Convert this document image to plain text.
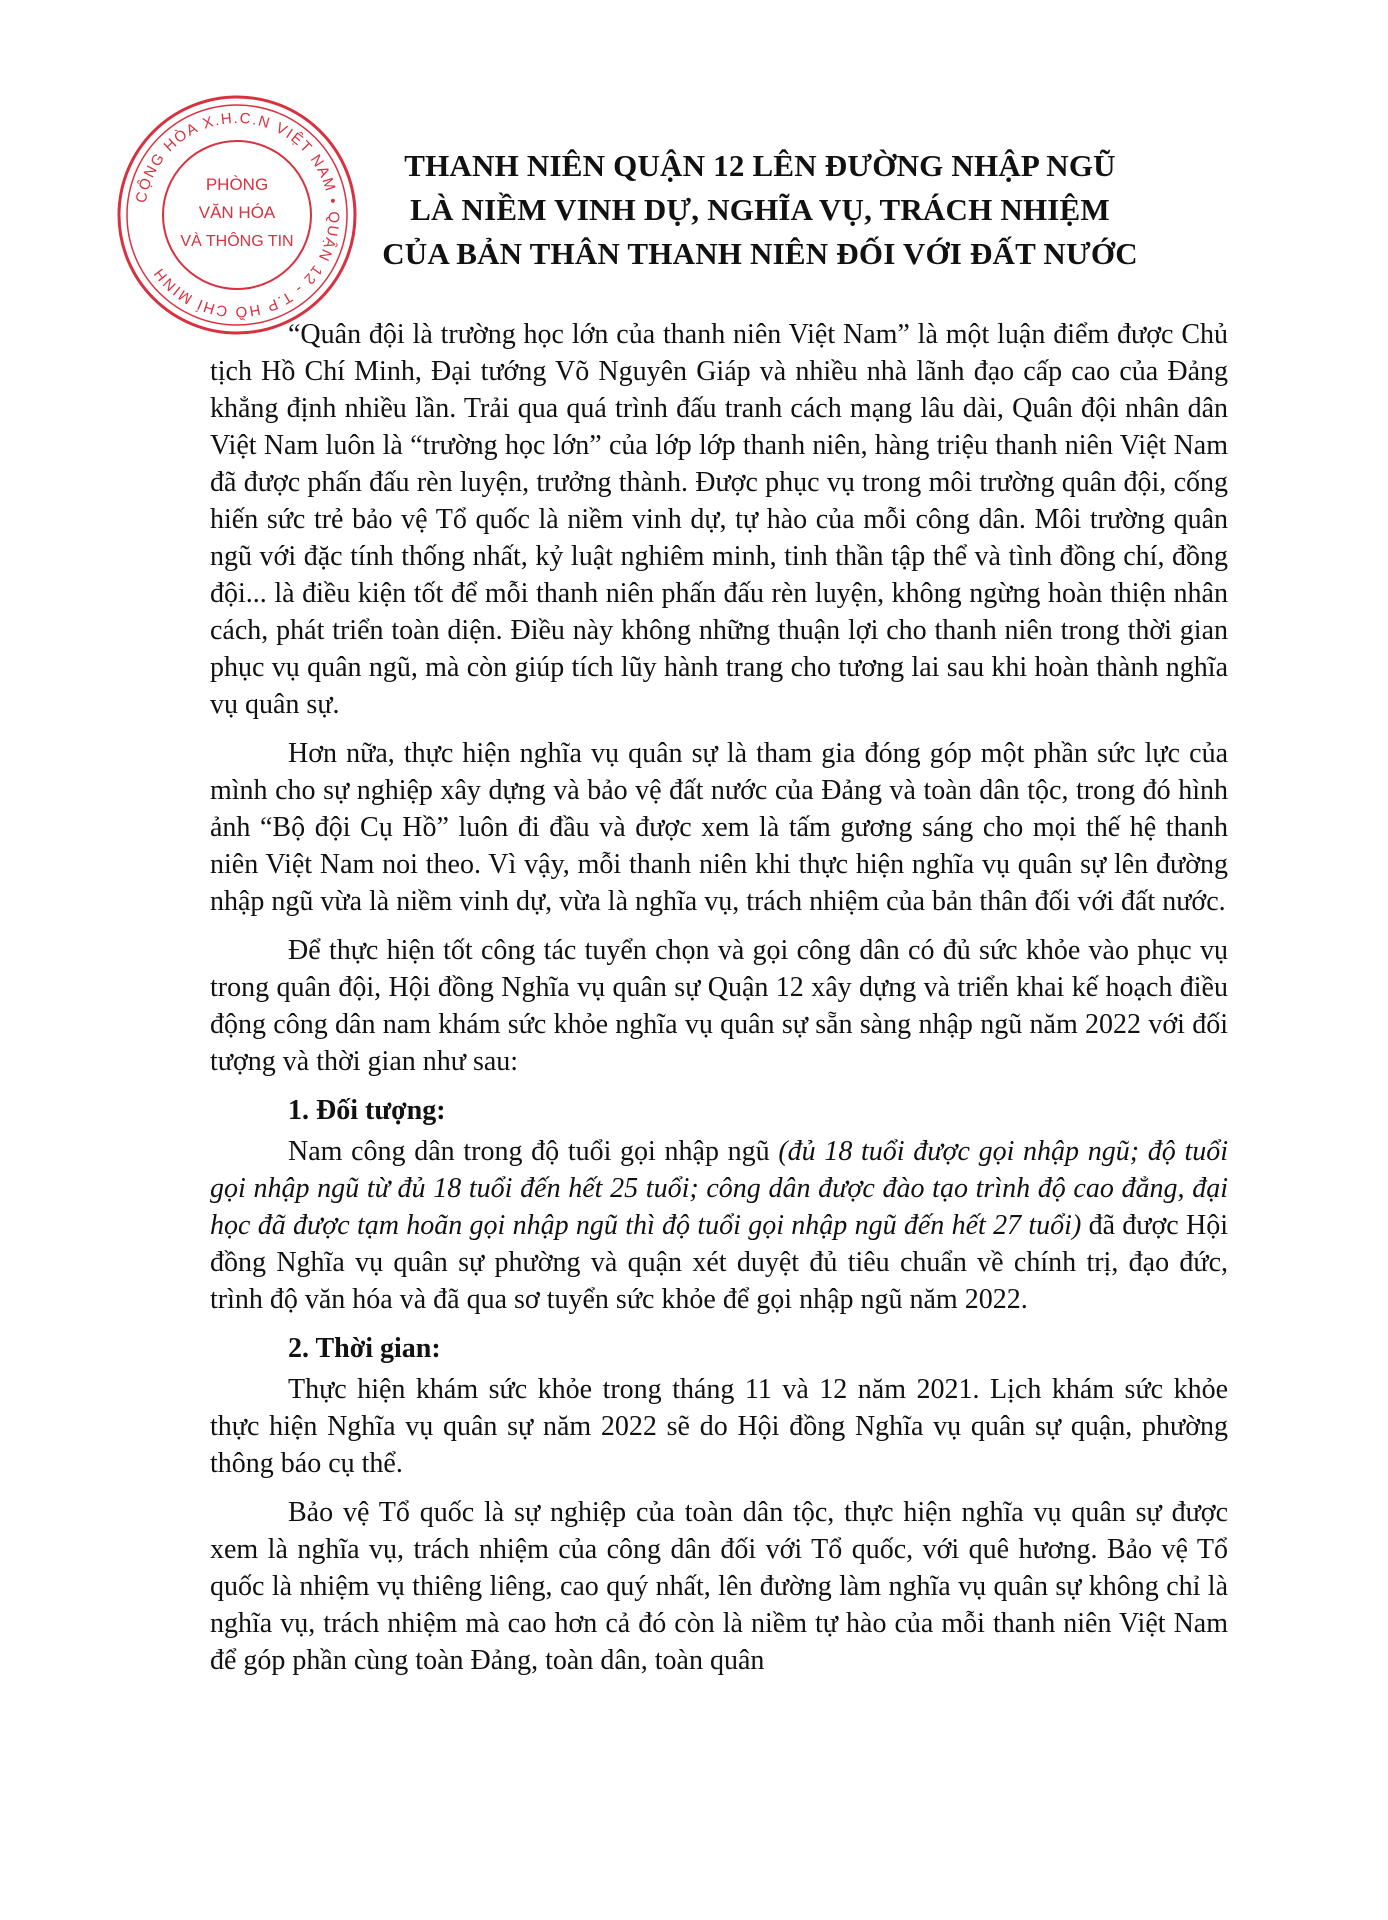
CỘNG HÒA X.H.C.N VIỆT NAM • QUẬN 12 - T.P HỒ CHÍ MINH
PHÒNG
VĂN HÓA
VÀ THÔNG TIN
THANH NIÊN QUẬN 12 LÊN ĐƯỜNG NHẬP NGŨ
LÀ NIỀM VINH DỰ, NGHĨA VỤ, TRÁCH NHIỆM
CỦA BẢN THÂN THANH NIÊN ĐỐI VỚI ĐẤT NƯỚC

“Quân đội là trường học lớn của thanh niên Việt Nam” là một luận điểm được Chủ tịch Hồ Chí Minh, Đại tướng Võ Nguyên Giáp và nhiều nhà lãnh đạo cấp cao của Đảng khẳng định nhiều lần. Trải qua quá trình đấu tranh cách mạng lâu dài, Quân đội nhân dân Việt Nam luôn là “trường học lớn” của lớp lớp thanh niên, hàng triệu thanh niên Việt Nam đã được phấn đấu rèn luyện, trưởng thành. Được phục vụ trong môi trường quân đội, cống hiến sức trẻ bảo vệ Tổ quốc là niềm vinh dự, tự hào của mỗi công dân. Môi trường quân ngũ với đặc tính thống nhất, kỷ luật nghiêm minh, tinh thần tập thể và tình đồng chí, đồng đội... là điều kiện tốt để mỗi thanh niên phấn đấu rèn luyện, không ngừng hoàn thiện nhân cách, phát triển toàn diện. Điều này không những thuận lợi cho thanh niên trong thời gian phục vụ quân ngũ, mà còn giúp tích lũy hành trang cho tương lai sau khi hoàn thành nghĩa vụ quân sự.

Hơn nữa, thực hiện nghĩa vụ quân sự là tham gia đóng góp một phần sức lực của mình cho sự nghiệp xây dựng và bảo vệ đất nước của Đảng và toàn dân tộc, trong đó hình ảnh “Bộ đội Cụ Hồ” luôn đi đầu và được xem là tấm gương sáng cho mọi thế hệ thanh niên Việt Nam noi theo. Vì vậy, mỗi thanh niên khi thực hiện nghĩa vụ quân sự lên đường nhập ngũ vừa là niềm vinh dự, vừa là nghĩa vụ, trách nhiệm của bản thân đối với đất nước.

Để thực hiện tốt công tác tuyển chọn và gọi công dân có đủ sức khỏe vào phục vụ trong quân đội, Hội đồng Nghĩa vụ quân sự Quận 12 xây dựng và triển khai kế hoạch điều động công dân nam khám sức khỏe nghĩa vụ quân sự sẵn sàng nhập ngũ năm 2022 với đối tượng và thời gian như sau:

1. Đối tượng:

Nam công dân trong độ tuổi gọi nhập ngũ (đủ 18 tuổi được gọi nhập ngũ; độ tuổi gọi nhập ngũ từ đủ 18 tuổi đến hết 25 tuổi; công dân được đào tạo trình độ cao đẳng, đại học đã được tạm hoãn gọi nhập ngũ thì độ tuổi gọi nhập ngũ đến hết 27 tuổi) đã được Hội đồng Nghĩa vụ quân sự phường và quận xét duyệt đủ tiêu chuẩn về chính trị, đạo đức, trình độ văn hóa và đã qua sơ tuyển sức khỏe để gọi nhập ngũ năm 2022.

2. Thời gian:

Thực hiện khám sức khỏe trong tháng 11 và 12 năm 2021. Lịch khám sức khỏe thực hiện Nghĩa vụ quân sự năm 2022 sẽ do Hội đồng Nghĩa vụ quân sự quận, phường thông báo cụ thể.

Bảo vệ Tổ quốc là sự nghiệp của toàn dân tộc, thực hiện nghĩa vụ quân sự được xem là nghĩa vụ, trách nhiệm của công dân đối với Tổ quốc, với quê hương. Bảo vệ Tổ quốc là nhiệm vụ thiêng liêng, cao quý nhất, lên đường làm nghĩa vụ quân sự không chỉ là nghĩa vụ, trách nhiệm mà cao hơn cả đó còn là niềm tự hào của mỗi thanh niên Việt Nam để góp phần cùng toàn Đảng, toàn dân, toàn quân
